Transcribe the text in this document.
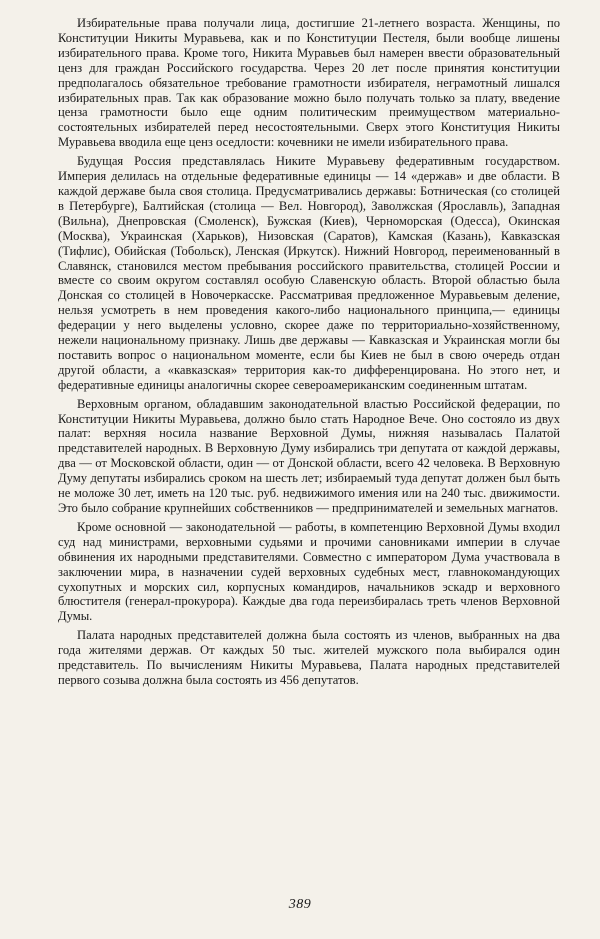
Избирательные права получали лица, достигшие 21-летнего возраста. Женщины, по Конституции Никиты Муравьева, как и по Конституции Пестеля, были вообще лишены избирательного права. Кроме того, Никита Муравьев был намерен ввести образовательный ценз для граждан Российского государства. Через 20 лет после принятия конституции предполагалось обязательное требование грамотности избирателя, неграмотный лишался избирательных прав. Так как образование можно было получать только за плату, введение ценза грамотности было еще одним политическим преимуществом материально-состоятельных избирателей перед несостоятельными. Сверх этого Конституция Никиты Муравьева вводила еще ценз оседлости: кочевники не имели избирательного права.

Будущая Россия представлялась Никите Муравьеву федеративным государством. Империя делилась на отдельные федеративные единицы — 14 «держав» и две области. В каждой державе была своя столица. Предусматривались державы: Ботническая (со столицей в Петербурге), Балтийская (столица — Вел. Новгород), Заволжская (Ярославль), Западная (Вильна), Днепровская (Смоленск), Бужская (Киев), Черноморская (Одесса), Окинская (Москва), Украинская (Харьков), Низовская (Саратов), Камская (Казань), Кавказская (Тифлис), Обийская (Тобольск), Ленская (Иркутск). Нижний Новгород, переименованный в Славянск, становился местом пребывания российского правительства, столицей России и вместе со своим округом составлял особую Славенскую область. Второй областью была Донская со столицей в Новочеркасске. Рассматривая предложенное Муравьевым деление, нельзя усмотреть в нем проведения какого-либо национального принципа,— единицы федерации у него выделены условно, скорее даже по территориально-хозяйственному, нежели национальному признаку. Лишь две державы — Кавказская и Украинская могли бы поставить вопрос о национальном моменте, если бы Киев не был в свою очередь отдан другой области, а «кавказская» территория как-то дифференцирована. Но этого нет, и федеративные единицы аналогичны скорее североамериканским соединенным штатам.

Верховным органом, обладавшим законодательной властью Российской федерации, по Конституции Никиты Муравьева, должно было стать Народное Вече. Оно состояло из двух палат: верхняя носила название Верховной Думы, нижняя называлась Палатой представителей народных. В Верховную Думу избирались три депутата от каждой державы, два — от Московской области, один — от Донской области, всего 42 человека. В Верховную Думу депутаты избирались сроком на шесть лет; избираемый туда депутат должен был быть не моложе 30 лет, иметь на 120 тыс. руб. недвижимого имения или на 240 тыс. движимости. Это было собрание крупнейших собственников — предпринимателей и земельных магнатов.

Кроме основной — законодательной — работы, в компетенцию Верховной Думы входил суд над министрами, верховными судьями и прочими сановниками империи в случае обвинения их народными представителями. Совместно с императором Дума участвовала в заключении мира, в назначении судей верховных судебных мест, главнокомандующих сухопутных и морских сил, корпусных командиров, начальников эскадр и верховного блюстителя (генерал-прокурора). Каждые два года переизбиралась треть членов Верховной Думы.

Палата народных представителей должна была состоять из членов, выбранных на два года жителями держав. От каждых 50 тыс. жителей мужского пола выбирался один представитель. По вычислениям Никиты Муравьева, Палата народных представителей первого созыва должна была состоять из 456 депутатов.

389
